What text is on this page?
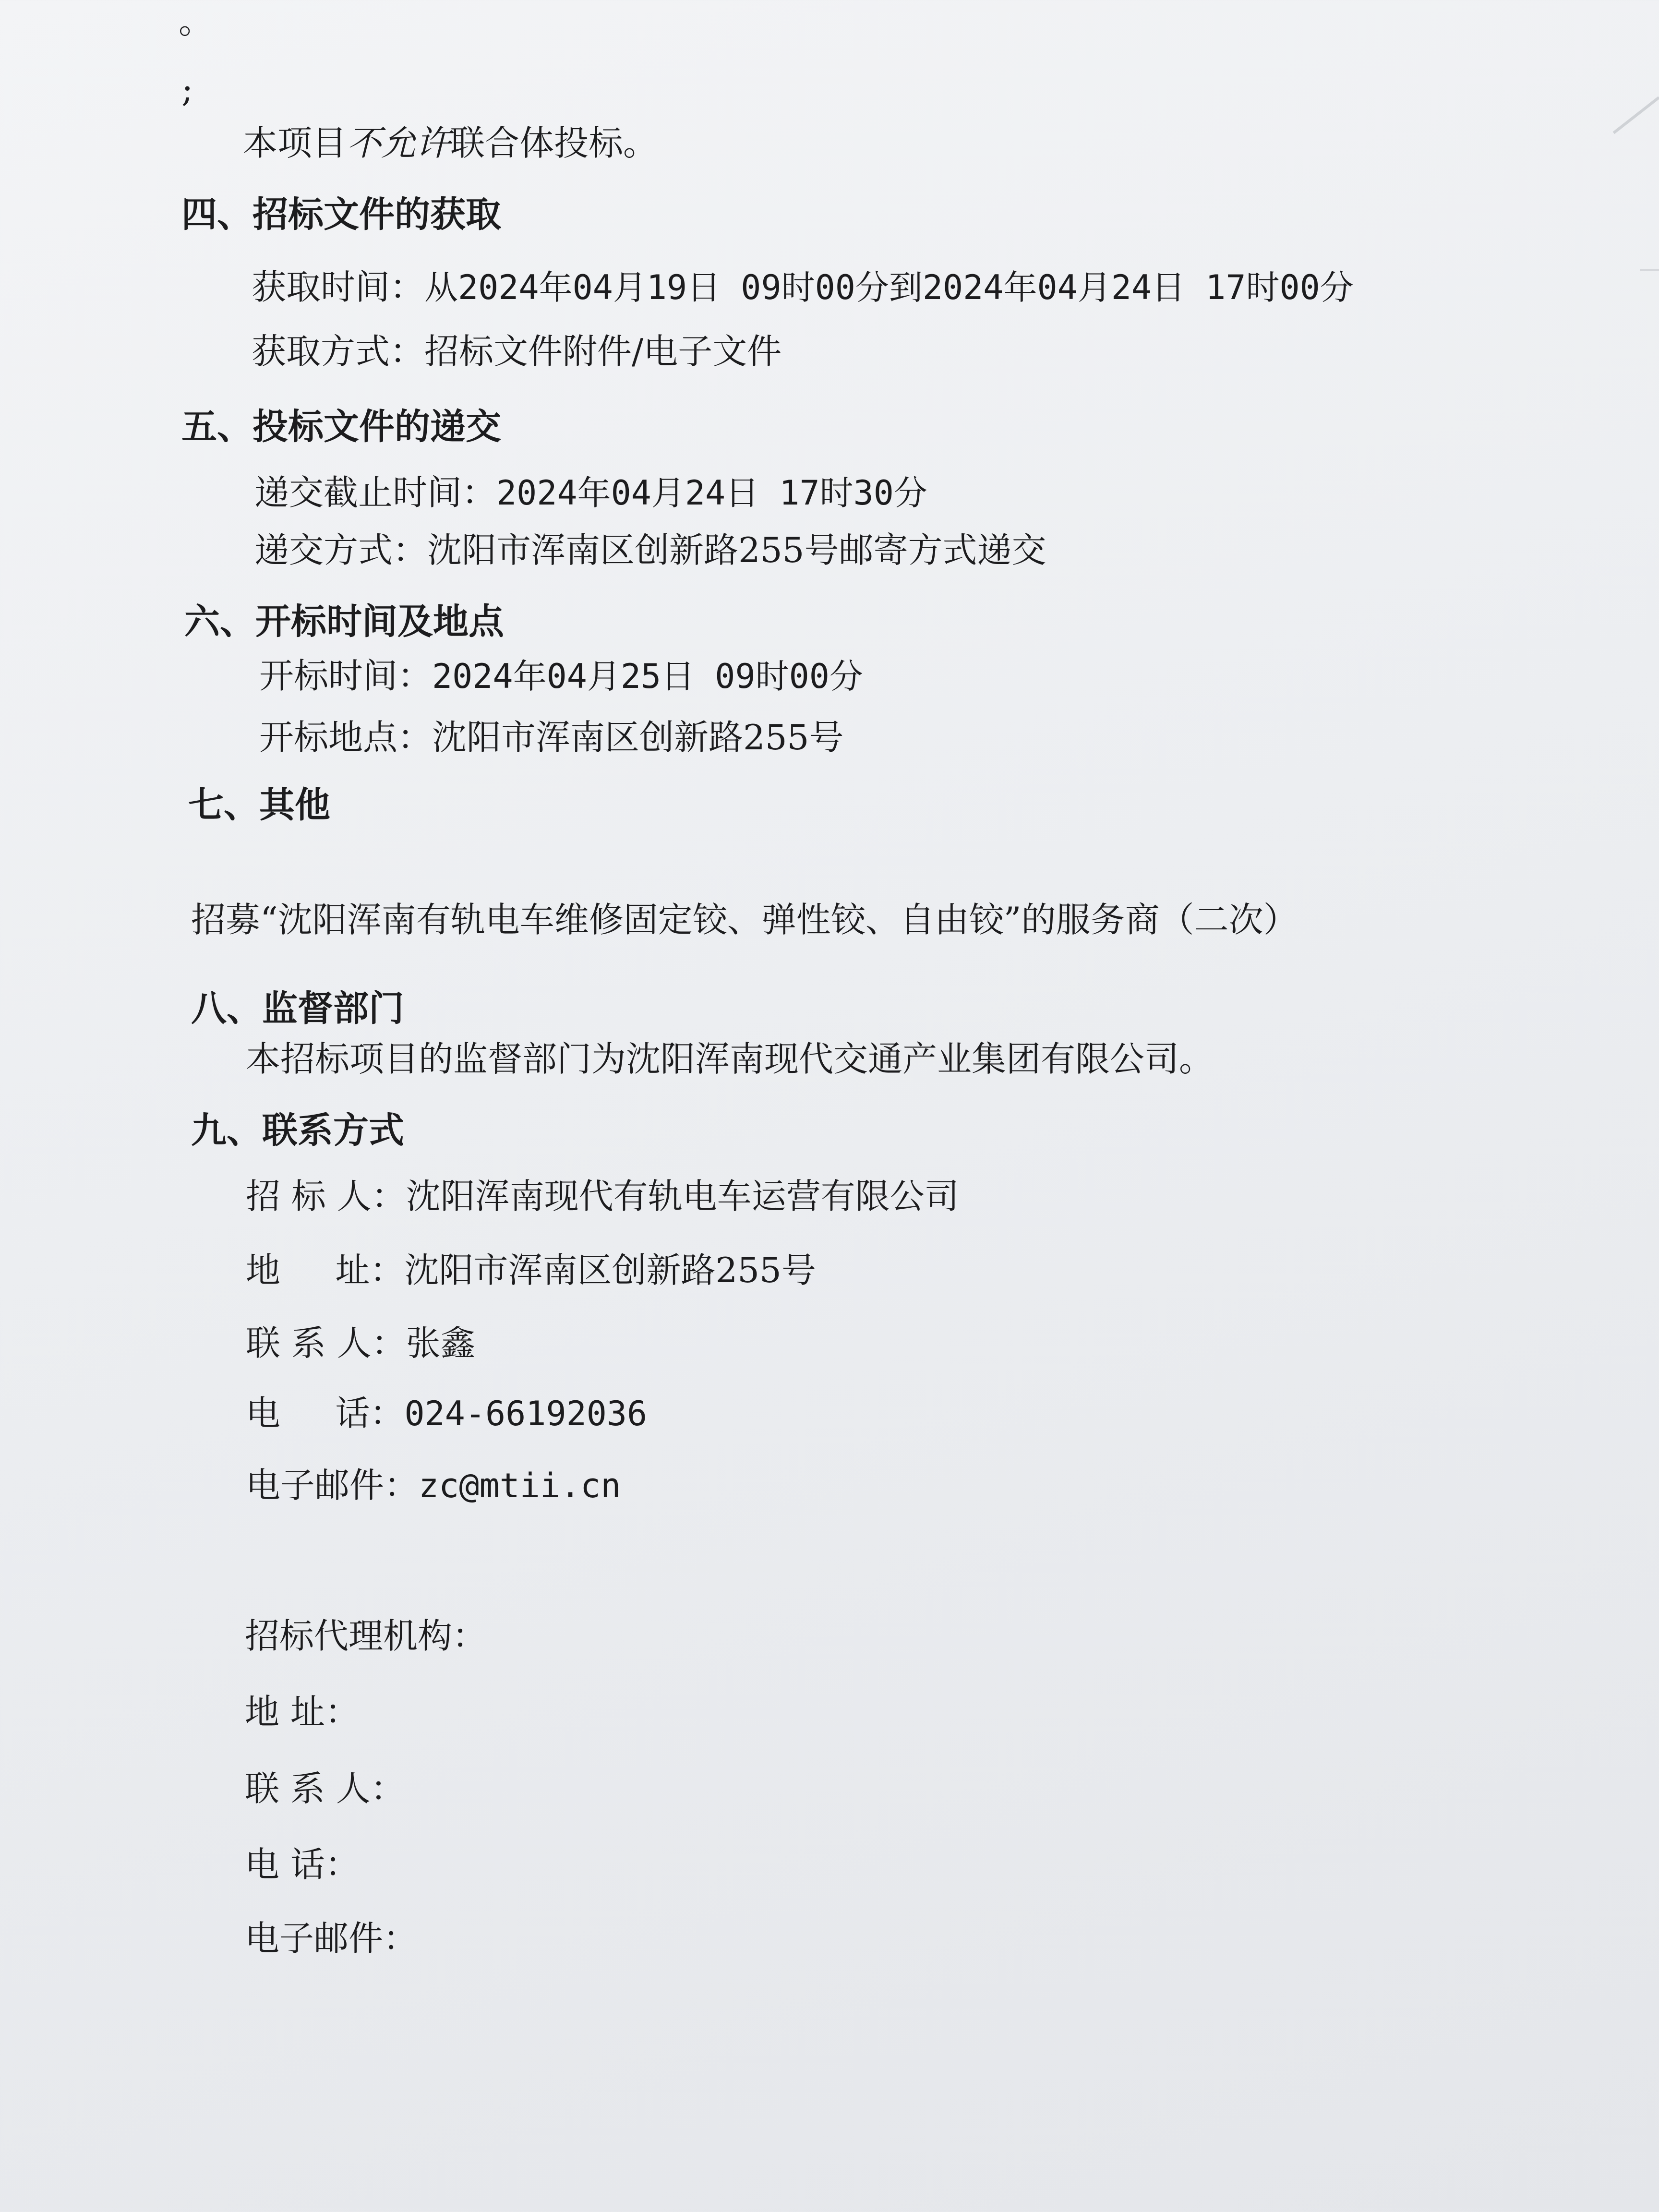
。
;
本项目不允许联合体投标。
四、招标文件的获取
获取时间：从2024年04月19日 09时00分到2024年04月24日 17时00分
获取方式：招标文件附件/电子文件
五、投标文件的递交
递交截止时间：2024年04月24日 17时30分
递交方式：沈阳市浑南区创新路255号邮寄方式递交
六、开标时间及地点
开标时间：2024年04月25日 09时00分
开标地点：沈阳市浑南区创新路255号
七、其他
招募“沈阳浑南有轨电车维修固定铰、弹性铰、自由铰”的服务商（二次）
八、监督部门
本招标项目的监督部门为沈阳浑南现代交通产业集团有限公司。
九、联系方式
招 标 人：沈阳浑南现代有轨电车运营有限公司
地     址：沈阳市浑南区创新路255号
联 系 人：张鑫
电     话：024-66192036
电子邮件：zc@mtii.cn
招标代理机构：
地 址：
联 系 人：
电 话：
电子邮件：
